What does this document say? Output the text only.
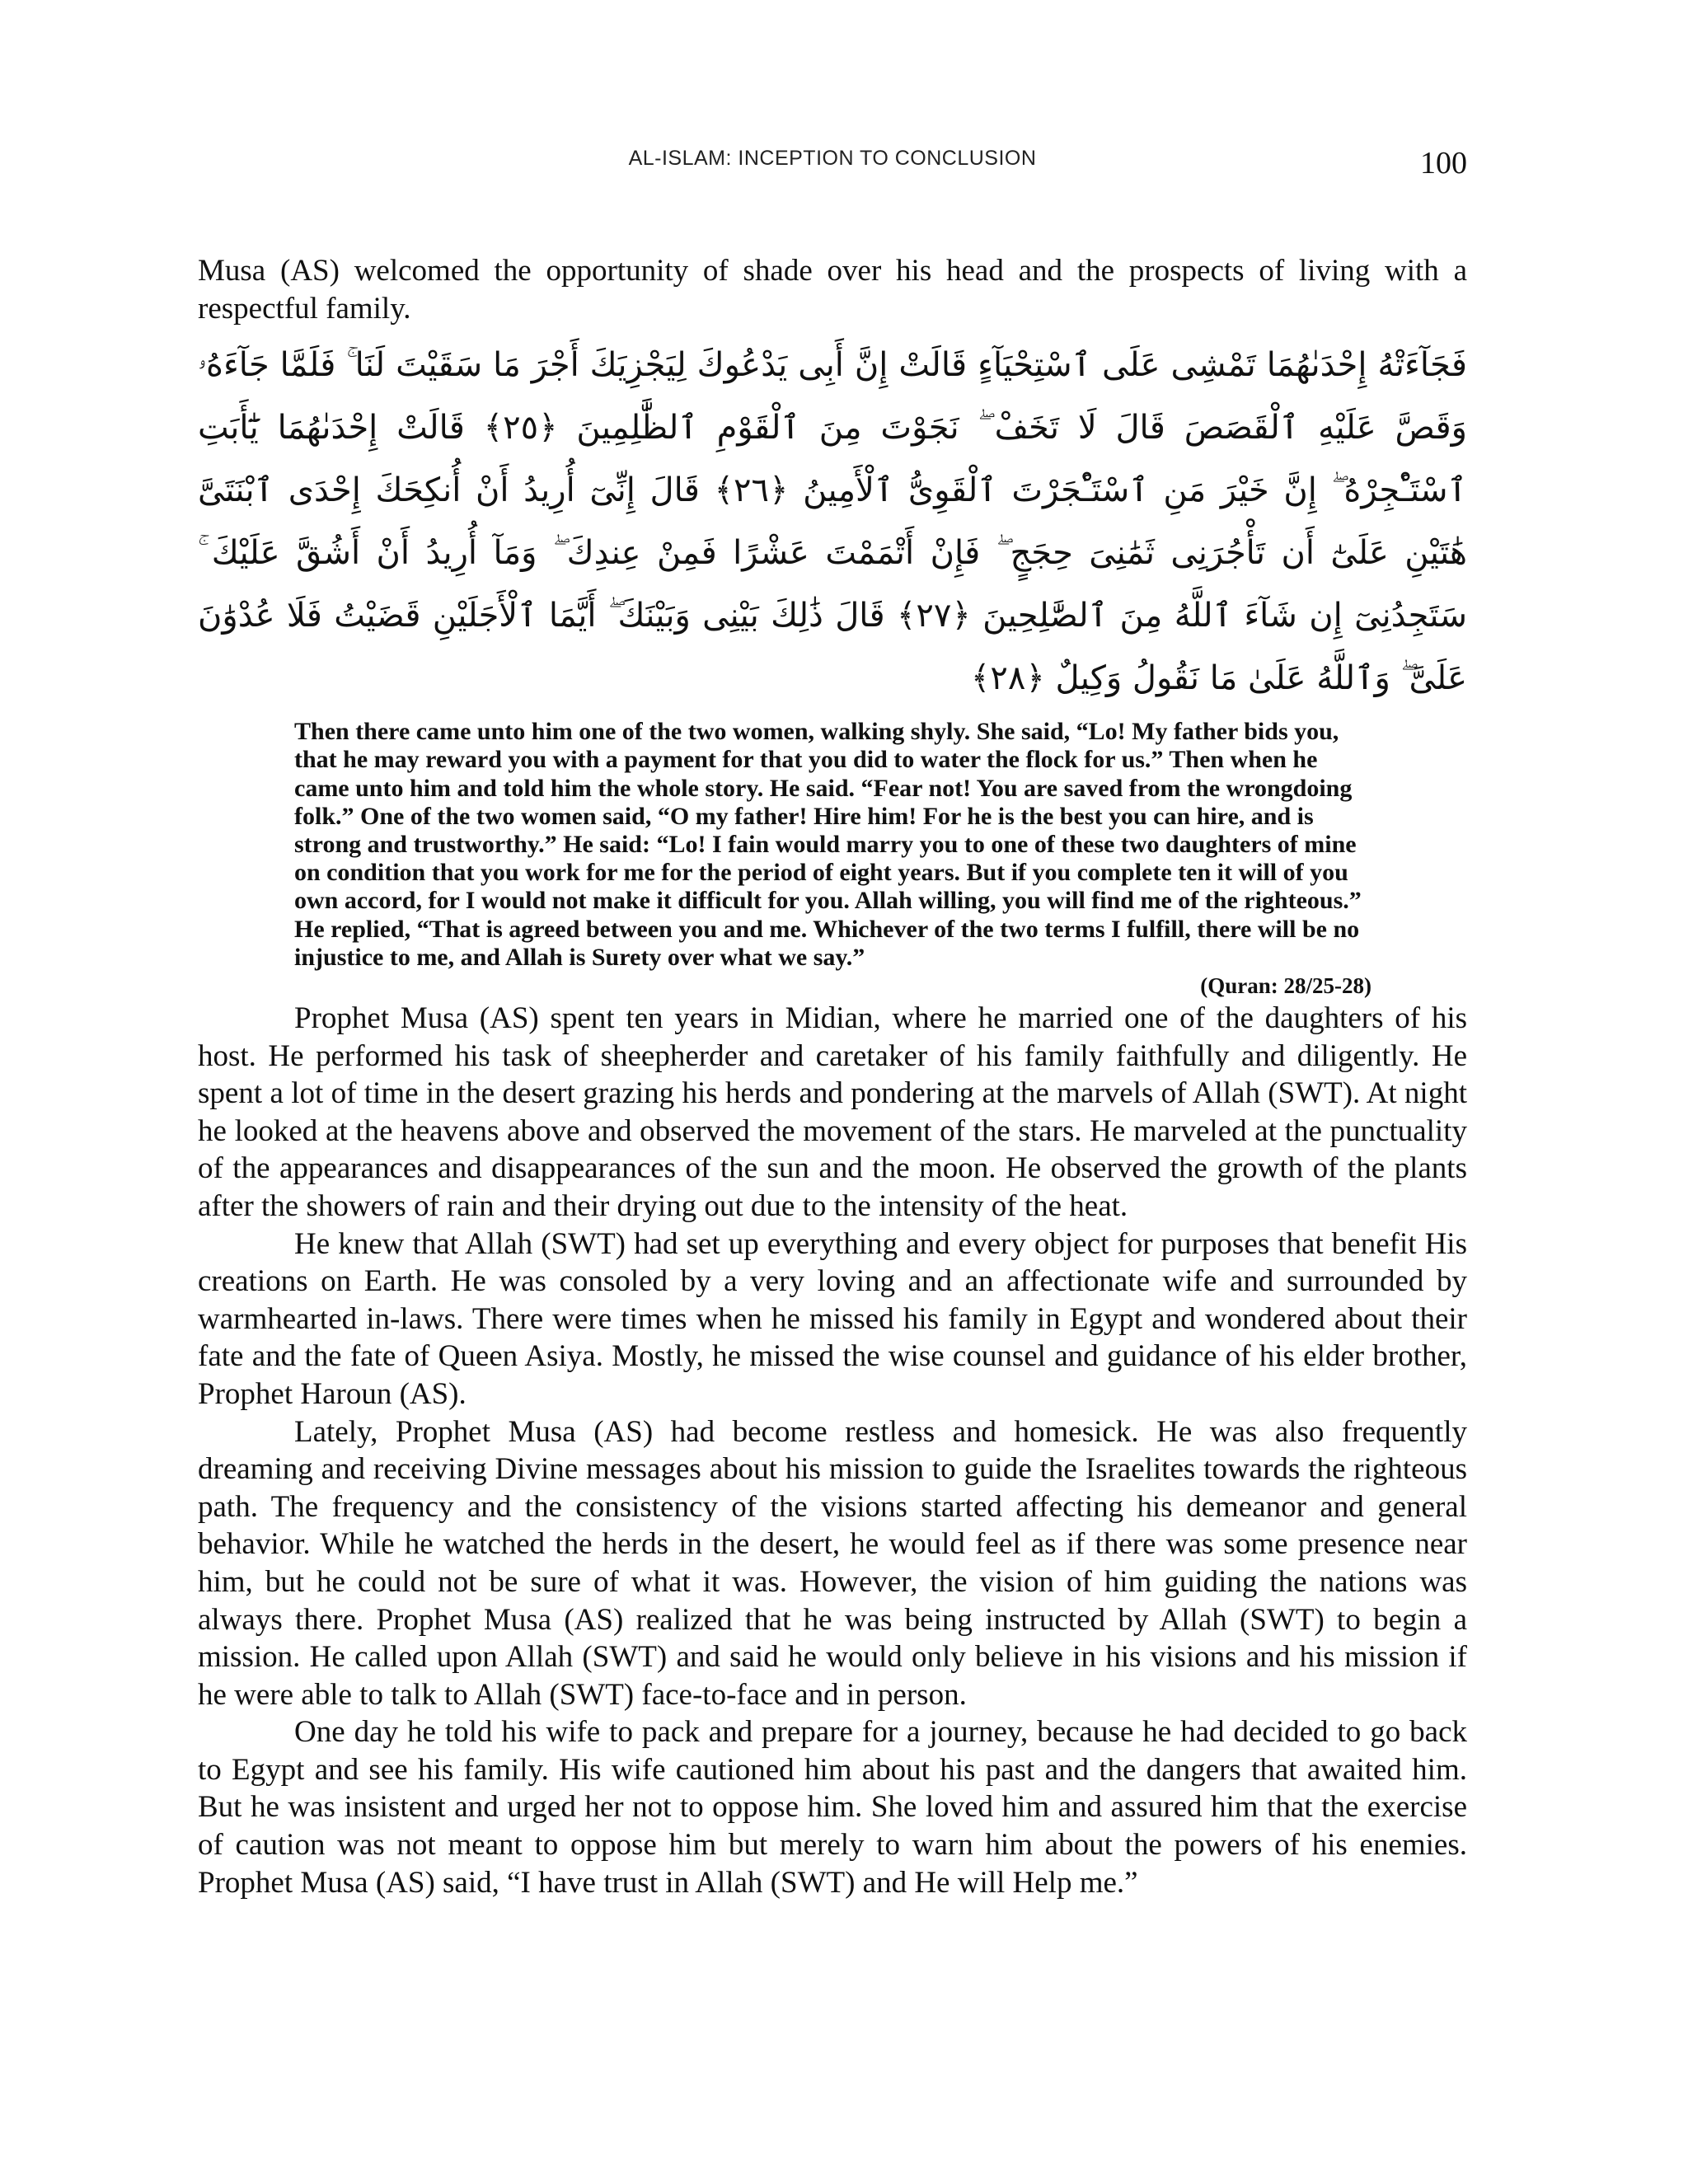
AL-ISLAM: INCEPTION TO CONCLUSION	100

Musa (AS) welcomed the opportunity of shade over his head and the prospects of living with a respectful family.

فَجَآءَتْهُ إِحْدَىٰهُمَا تَمْشِى عَلَى ٱسْتِحْيَآءٍ قَالَتْ إِنَّ أَبِى يَدْعُوكَ لِيَجْزِيَكَ أَجْرَ مَا سَقَيْتَ لَنَا ۚ فَلَمَّا جَآءَهُۥ وَقَصَّ عَلَيْهِ ٱلْقَصَصَ قَالَ لَا تَخَفْ ۖ نَجَوْتَ مِنَ ٱلْقَوْمِ ٱلظَّٰلِمِينَ ﴿٢٥﴾ قَالَتْ إِحْدَىٰهُمَا يَٰٓأَبَتِ ٱسْتَـْٔجِرْهُ ۖ إِنَّ خَيْرَ مَنِ ٱسْتَـْٔجَرْتَ ٱلْقَوِىُّ ٱلْأَمِينُ ﴿٢٦﴾ قَالَ إِنِّىٓ أُرِيدُ أَنْ أُنكِحَكَ إِحْدَى ٱبْنَتَىَّ هَٰتَيْنِ عَلَىٰٓ أَن تَأْجُرَنِى ثَمَٰنِىَ حِجَجٍ ۖ فَإِنْ أَتْمَمْتَ عَشْرًا فَمِنْ عِندِكَ ۖ وَمَآ أُرِيدُ أَنْ أَشُقَّ عَلَيْكَ ۚ سَتَجِدُنِىٓ إِن شَآءَ ٱللَّهُ مِنَ ٱلصَّٰلِحِينَ ﴿٢٧﴾ قَالَ ذَٰلِكَ بَيْنِى وَبَيْنَكَ ۖ أَيَّمَا ٱلْأَجَلَيْنِ قَضَيْتُ فَلَا عُدْوَٰنَ عَلَىَّ ۖ وَٱللَّهُ عَلَىٰ مَا نَقُولُ وَكِيلٌ ﴿٢٨﴾
Then there came unto him one of the two women, walking shyly. She said, “Lo! My father bids you, that he may reward you with a payment for that you did to water the flock for us.” Then when he came unto him and told him the whole story. He said. “Fear not! You are saved from the wrongdoing folk.” One of the two women said, “O my father! Hire him! For he is the best you can hire, and is strong and trustworthy.” He said: “Lo! I fain would marry you to one of these two daughters of mine on condition that you work for me for the period of eight years. But if you complete ten it will of you own accord, for I would not make it difficult for you. Allah willing, you will find me of the righteous.” He replied, “That is agreed between you and me. Whichever of the two terms I fulfill, there will be no injustice to me, and Allah is Surety over what we say.”
(Quran: 28/25-28)

Prophet Musa (AS) spent ten years in Midian, where he married one of the daughters of his host. He performed his task of sheepherder and caretaker of his family faithfully and diligently. He spent a lot of time in the desert grazing his herds and pondering at the marvels of Allah (SWT). At night he looked at the heavens above and observed the movement of the stars. He marveled at the punctuality of the appearances and disappearances of the sun and the moon. He observed the growth of the plants after the showers of rain and their drying out due to the intensity of the heat.

He knew that Allah (SWT) had set up everything and every object for purposes that benefit His creations on Earth. He was consoled by a very loving and an affectionate wife and surrounded by warmhearted in-laws. There were times when he missed his family in Egypt and wondered about their fate and the fate of Queen Asiya. Mostly, he missed the wise counsel and guidance of his elder brother, Prophet Haroun (AS).

Lately, Prophet Musa (AS) had become restless and homesick. He was also frequently dreaming and receiving Divine messages about his mission to guide the Israelites towards the righteous path. The frequency and the consistency of the visions started affecting his demeanor and general behavior. While he watched the herds in the desert, he would feel as if there was some presence near him, but he could not be sure of what it was. However, the vision of him guiding the nations was always there. Prophet Musa (AS) realized that he was being instructed by Allah (SWT) to begin a mission. He called upon Allah (SWT) and said he would only believe in his visions and his mission if he were able to talk to Allah (SWT) face-to-face and in person.

One day he told his wife to pack and prepare for a journey, because he had decided to go back to Egypt and see his family. His wife cautioned him about his past and the dangers that awaited him. But he was insistent and urged her not to oppose him. She loved him and assured him that the exercise of caution was not meant to oppose him but merely to warn him about the powers of his enemies. Prophet Musa (AS) said, “I have trust in Allah (SWT) and He will Help me.”
